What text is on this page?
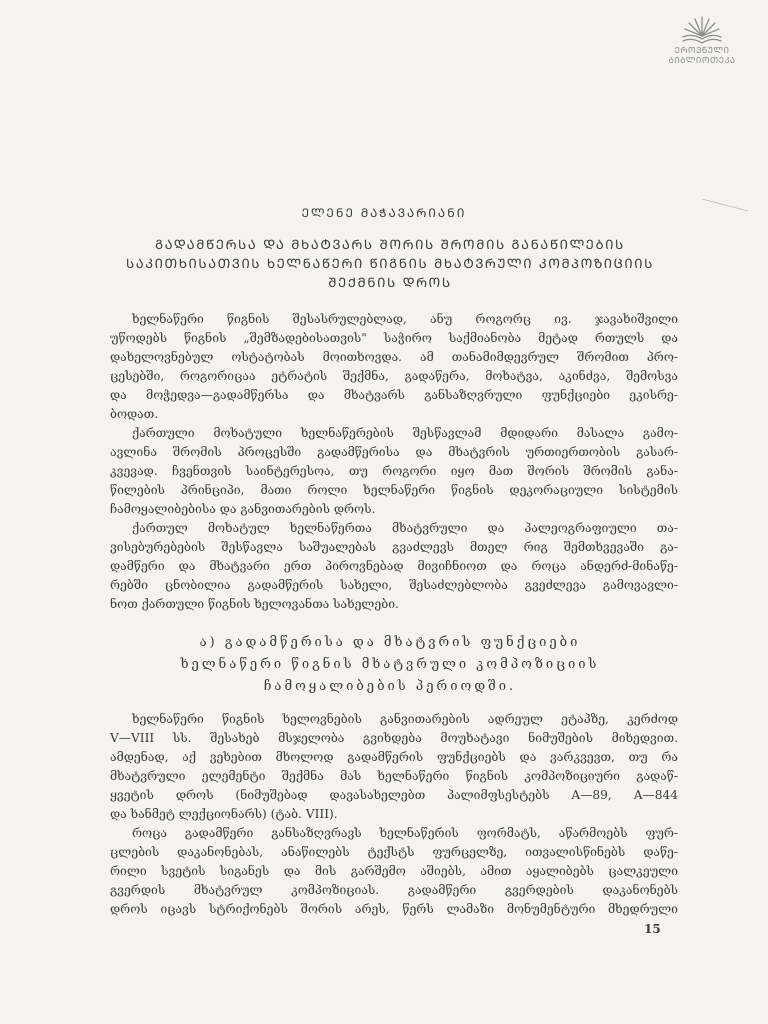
ᲔᲠᲝᲕᲜᲣᲚᲘ
ᲑᲘᲑᲚᲘᲝᲗᲔᲙᲐ
ᲔᲚᲔᲜᲔ ᲛᲐᲭᲐᲕᲐᲠᲘᲐᲜᲘ
ᲒᲐᲓᲐᲛᲬᲔᲠᲡᲐ ᲓᲐ ᲛᲮᲐᲢᲕᲐᲠᲡ ᲨᲝᲠᲘᲡ ᲨᲠᲝᲛᲘᲡ ᲒᲐᲜᲐᲬᲘᲚᲔᲑᲘᲡ
ᲡᲐᲙᲘᲗᲮᲘᲡᲐᲗᲕᲘᲡ ᲮᲔᲚᲜᲐᲬᲔᲠᲘ ᲬᲘᲒᲜᲘᲡ ᲛᲮᲐᲢᲕᲠᲣᲚᲘ ᲙᲝᲛᲞᲝᲖᲘᲪᲘᲘᲡ
ᲨᲔᲥᲛᲜᲘᲡ ᲓᲠᲝᲡ

ხელნაწერი წიგნის შესასრულებლად, ანუ როგორც ივ. ჯავახიშვილი
უწოდებს წიგნის „შემზადებისათვის" საჭირო საქმიანობა მეტად რთულს და
დახელოვნებულ ოსტატობას მოითხოვდა. ამ თანამიმდევრულ შრომით პრო-
ცესებში, როგორიცაა ეტრატის შექმნა, გადაწერა, მოხატვა, აკინძვა, შემოსვა
და მოჭედვა—გადამწერსა და მხატვარს განსაზღვრული ფუნქციები ეკისრე-
ბოდათ.

ქართული მოხატული ხელნაწერების შესწავლამ მდიდარი მასალა გამო-
ავლინა შრომის პროცესში გადამწერისა და მხატვრის ურთიერთობის გასარ-
კვევად. ჩვენთვის საინტერესოა, თუ როგორი იყო მათ შორის შრომის განა-
წილების პრინციპი, მათი როლი ხელნაწერი წიგნის დეკორაციული სისტემის
ჩამოყალიბებისა და განვითარების დროს.

ქართულ მოხატულ ხელნაწერთა მხატვრული და პალეოგრაფიული თა-
ვისებურებების შესწავლა საშუალებას გვაძლევს მთელ რიგ შემთხვევაში გა-
დამწერი და მხატვარი ერთ პიროვნებად მივიჩნიოთ და როცა ანდერძ-მინაწე-
რებში ცნობილია გადამწერის სახელი, შესაძლებლობა გვეძლევა გამოვავლი-
ნოთ ქართული წიგნის ხელოვანთა სახელები.

ა) გადამწერისა და მხატვრის ფუნქციები
ხელნაწერი წიგნის მხატვრული კომპოზიციის
ჩამოყალიბების პერიოდში.

ხელნაწერი წიგნის ხელოვნების განვითარების ადრეულ ეტაპზე, კერძოდ
V—VIII სს. შესახებ მსჯელობა გვიხდება მოუხატავი ნიმუშების მიხედვით.
ამდენად, აქ ვეხებით მხოლოდ გადამწერის ფუნქციებს და ვარკვევთ, თუ რა
მხატვრული ელემენტი შექმნა მას ხელნაწერი წიგნის კომპოზიციური გადაწ-
ყვეტის დროს (ნიმუშებად დავასახელებთ პალიმფსესტებს A—89, A—844
და ხანმეტ ლექციონარს) (ტაბ. VIII).

როცა გადამწერი განსაზღვრავს ხელნაწერის ფორმატს, აწარმოებს ფურ-
ცლების დაკანონებას, ანაწილებს ტექსტს ფურცელზე, ითვალისწინებს დაწე-
რილი სვეტის სიგანეს და მის გარშემო აშიებს, ამით აყალიბებს ცალკეული
გვერდის მხატვრულ კომპოზიციას. გადამწერი გვერდების დაკანონებს
დროს იცავს სტრიქონებს შორის არეს, წერს ლამაზი მონუმენტური მხედრული

15
